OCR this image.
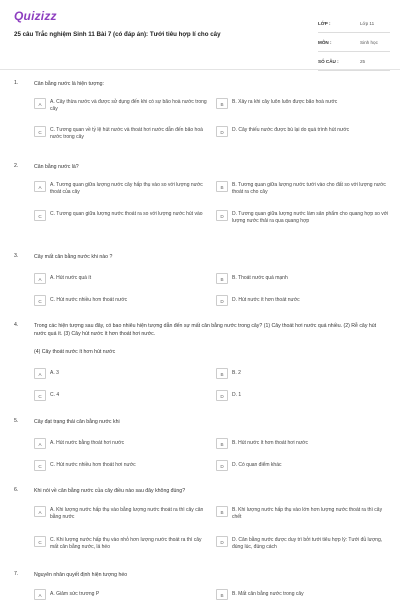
Quizizz
25 câu Trắc nghiệm Sinh 11 Bài 7 (có đáp án): Tưới tiêu hợp lí cho cây
LỚP :	Lớp 11
MÔN :	Sinh học
SỐ CÂU :	25
1.	Cân bằng nước là hiện tượng:
A	A. Cây thừa nước và được sử dụng đến khi có sự bão hoà nước trong cây
B	B. Xảy ra khi cây luôn luôn được bão hoà nước
C	C. Tương quan về tỷ lệ hút nước và thoát hơi nước dẫn đến bão hoà nước trong cây
D	D. Cây thiếu nước được bù lại do quá trình hút nước
2.	Cân bằng nước là?
A	A. Tương quan giữa lượng nước cây hấp thụ vào so với lượng nước thoát của cây
B	B. Tương quan giữa lượng nước tưới vào cho đất so với lượng nước thoát ra cho cây
C	C. Tương quan giữa lượng nước thoát ra so với lượng nước hút vào	D	D. Tương quan giữa lượng nước làm sản phẩm cho quang hợp so với lượng nước thải ra qua quang hợp
3.	Cây mất cân bằng nước khi nào ?
A	A. Hút nước quá ít	B	B. Thoát nước quá mạnh
C	C. Hút nước nhiều hơn thoát nước	D	D. Hút nước ít hơn thoát nước
4.	Trong các hiện tượng sau đây, có bao nhiêu hiện tượng dẫn đến sự mất cân bằng nước trong cây? (1) Cây thoát hơi nước quá nhiều. (2) Rễ cây hút nước quá ít. (3) Cây hút nước ít hơn thoát hơi nước.
(4) Cây thoát nước ít hơn hút nước
A	A. 3	B	B. 2
C	C. 4	D	D. 1
5.	Cây đạt trạng thái cân bằng nước khi
A	A. Hút nước bằng thoát hơi nước	B	B. Hút nước ít hơn thoát hơi nước
C	C. Hút nước nhiều hơn thoát hơi nước	D	D. Có quan điểm khác
6.	Khi nói về cân bằng nước của cây điều nào sau đây không đúng?
A	A. Khi lượng nước hấp thụ vào bằng lượng nước thoát ra thì cây cân bằng nước
B	B. Khi lượng nước hấp thụ vào lớn hơn lượng nước thoát ra thì cây chết
C	C. Khi lượng nước hấp thụ vào nhỏ hơn lượng nước thoát ra thì cây mất cân bằng nước, lá héo
D	D. Cân bằng nước được duy trì bởi tưới tiêu hợp lý: Tưới đủ lượng, đúng lúc, đúng cách
7.	Nguyên nhân quyết định hiện tượng héo
A	A. Giảm sức trương P	B	B. Mất cân bằng nước trong cây
